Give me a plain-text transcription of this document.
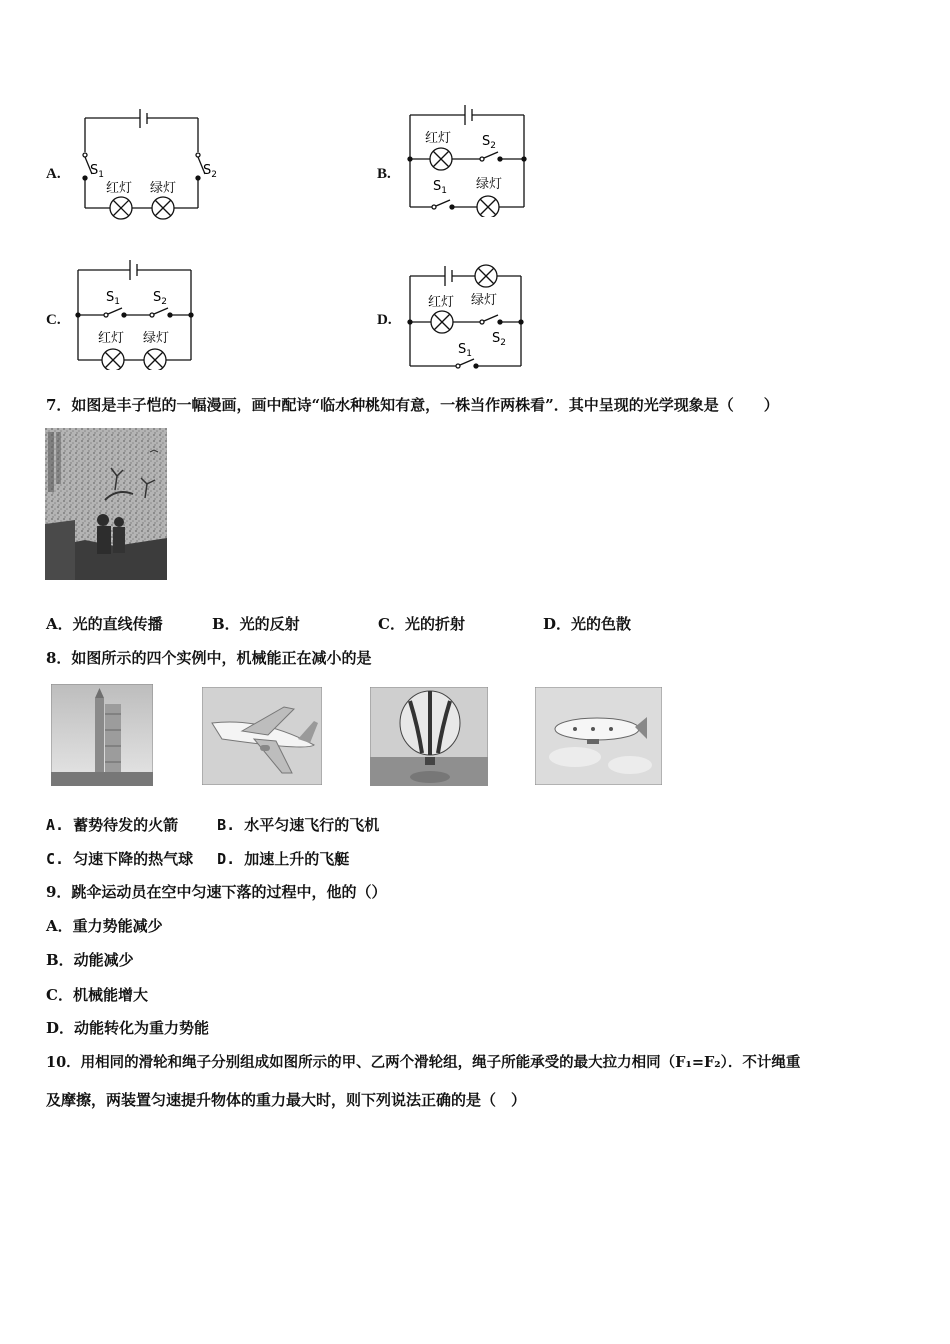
A. $S_1$	$S_2$
红灯 绿灯
B.
红灯 $S_2$
$S_1$ 绿灯
C.
$S_1$	$S_2$
红灯 绿灯
D.
红灯 绿灯
$S_2$
$S_1$
7．如图是丰子恺的一幅漫画，画中配诗“临水种桃知有意，一株当作两株看”．其中呈现的光学现象是（　　）
A．光的直线传播	B．光的反射	C．光的折射	D．光的色散
8．如图所示的四个实例中，机械能正在减小的是
A. 蓄势待发的火箭　　 B. 水平匀速飞行的飞机
C. 匀速下降的热气球　 D. 加速上升的飞艇
9．跳伞运动员在空中匀速下落的过程中，他的（）
A．重力势能减少
B．动能减少
C．机械能增大
D．动能转化为重力势能
10．用相同的滑轮和绳子分别组成如图所示的甲、乙两个滑轮组，绳子所能承受的最大拉力相同（F₁=F₂）．不计绳重
及摩擦，两装置匀速提升物体的重力最大时，则下列说法正确的是（　）
